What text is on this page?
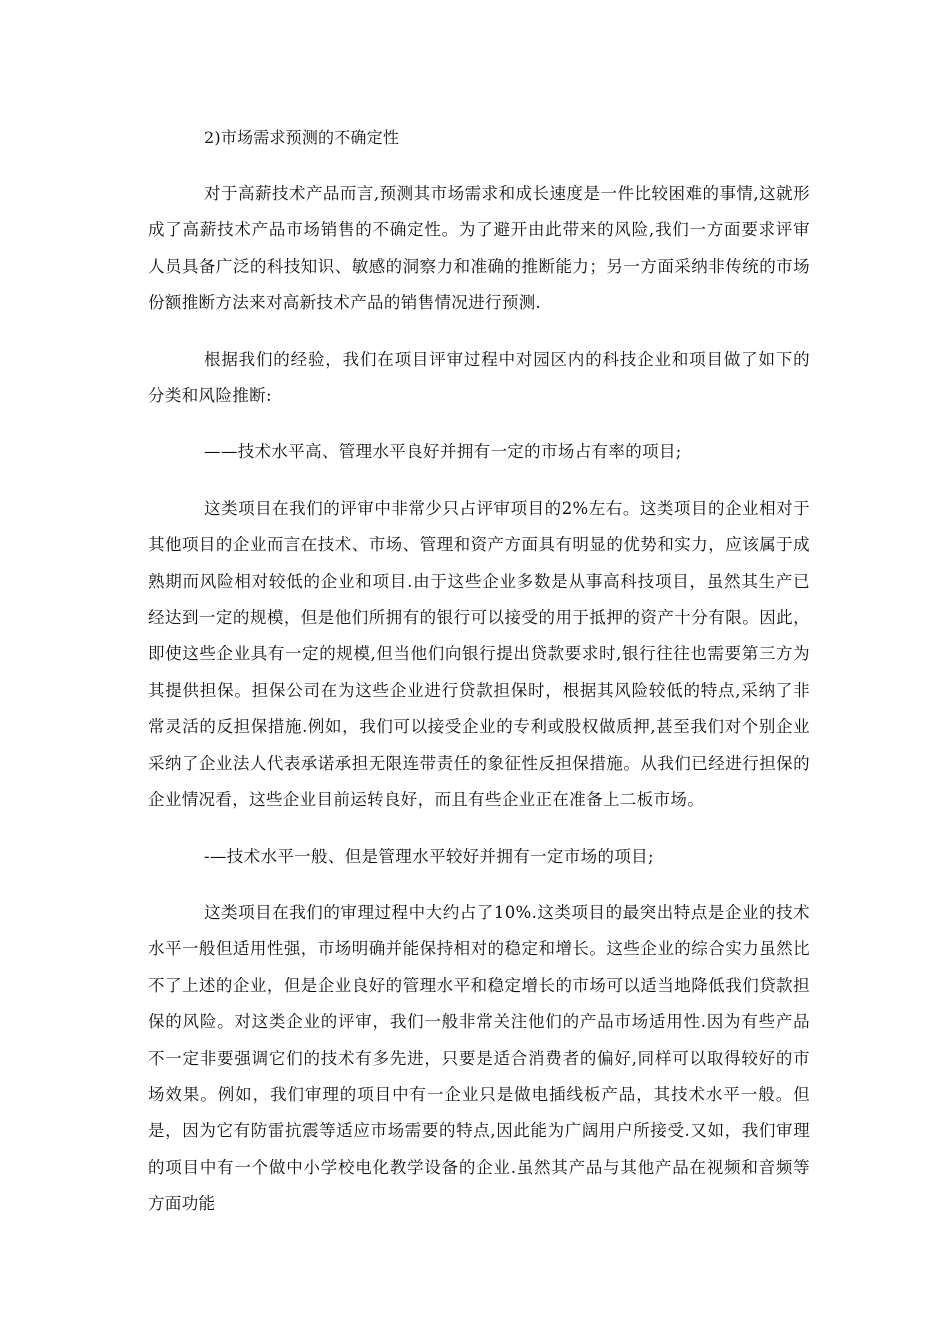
2)市场需求预测的不确定性

对于高薪技术产品而言,预测其市场需求和成长速度是一件比较困难的事情,这就形成了高薪技术产品市场销售的不确定性。为了避开由此带来的风险,我们一方面要求评审人员具备广泛的科技知识、敏感的洞察力和准确的推断能力；另一方面采纳非传统的市场份额推断方法来对高新技术产品的销售情况进行预测.

根据我们的经验，我们在项目评审过程中对园区内的科技企业和项目做了如下的分类和风险推断:

——技术水平高、管理水平良好并拥有一定的市场占有率的项目;

这类项目在我们的评审中非常少只占评审项目的2%左右。这类项目的企业相对于其他项目的企业而言在技术、市场、管理和资产方面具有明显的优势和实力，应该属于成熟期而风险相对较低的企业和项目.由于这些企业多数是从事高科技项目，虽然其生产已经达到一定的规模，但是他们所拥有的银行可以接受的用于抵押的资产十分有限。因此，即使这些企业具有一定的规模,但当他们向银行提出贷款要求时,银行往往也需要第三方为其提供担保。担保公司在为这些企业进行贷款担保时，根据其风险较低的特点,采纳了非常灵活的反担保措施.例如，我们可以接受企业的专利或股权做质押,甚至我们对个别企业采纳了企业法人代表承诺承担无限连带责任的象征性反担保措施。从我们已经进行担保的企业情况看，这些企业目前运转良好，而且有些企业正在准备上二板市场。

-—技术水平一般、但是管理水平较好并拥有一定市场的项目;

这类项目在我们的审理过程中大约占了10%.这类项目的最突出特点是企业的技术水平一般但适用性强，市场明确并能保持相对的稳定和增长。这些企业的综合实力虽然比不了上述的企业，但是企业良好的管理水平和稳定增长的市场可以适当地降低我们贷款担保的风险。对这类企业的评审，我们一般非常关注他们的产品市场适用性.因为有些产品不一定非要强调它们的技术有多先进，只要是适合消费者的偏好,同样可以取得较好的市场效果。例如，我们审理的项目中有一企业只是做电插线板产品，其技术水平一般。但是，因为它有防雷抗震等适应市场需要的特点,因此能为广阔用户所接受.又如，我们审理的项目中有一个做中小学校电化教学设备的企业.虽然其产品与其他产品在视频和音频等方面功能
